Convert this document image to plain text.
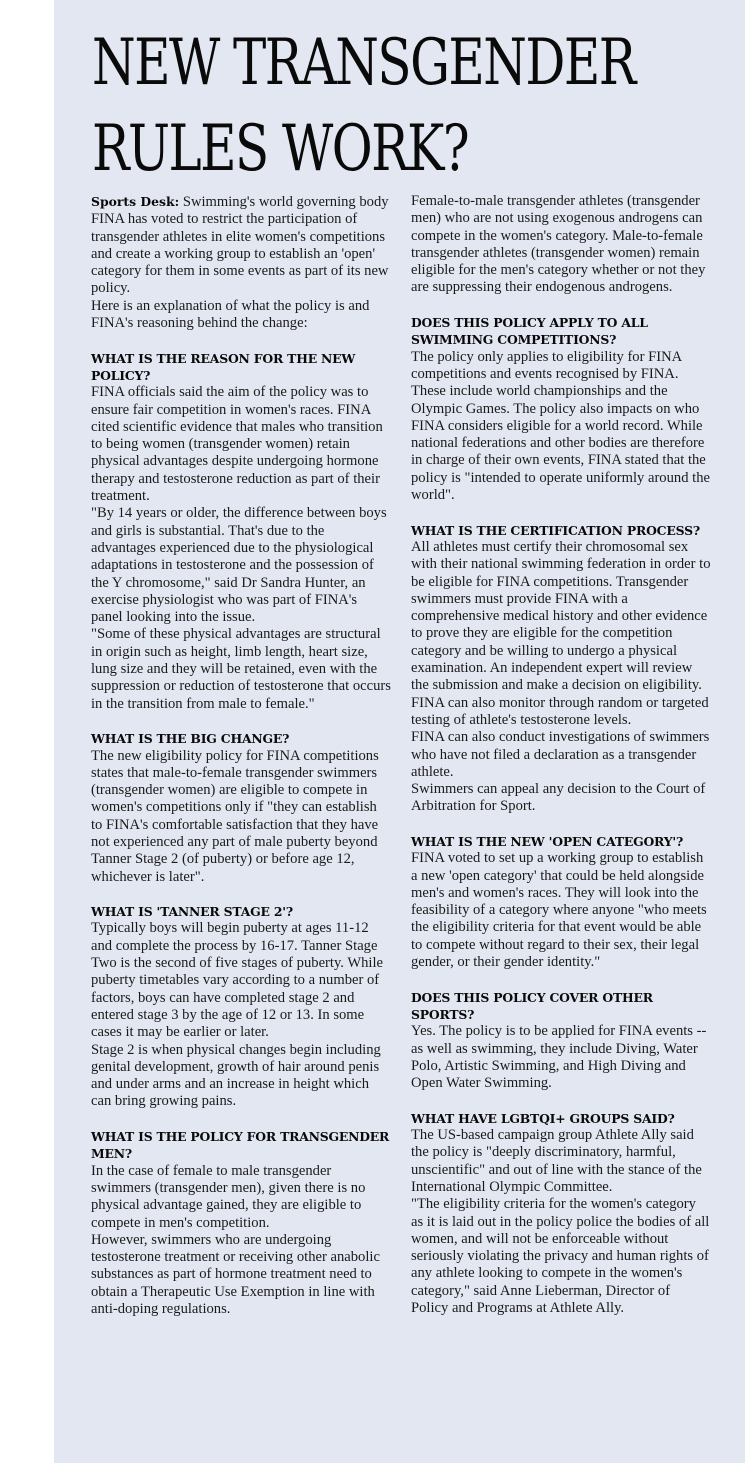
NEW TRANSGENDER
RULES WORK?

Sports Desk: Swimming's world governing body FINA has voted to restrict the participation of transgender athletes in elite women's competitions and create a working group to establish an 'open' category for them in some events as part of its new policy.

Here is an explanation of what the policy is and FINA's reasoning behind the change:

WHAT IS THE REASON FOR THE NEW POLICY?

FINA officials said the aim of the policy was to ensure fair competition in women's races. FINA cited scientific evidence that males who transition to being women (transgender women) retain physical advantages despite undergoing hormone therapy and testosterone reduction as part of their treatment.

"By 14 years or older, the difference between boys and girls is substantial. That's due to the advantages experienced due to the physiological adaptations in testosterone and the possession of the Y chromosome," said Dr Sandra Hunter, an exercise physiologist who was part of FINA's panel looking into the issue.

"Some of these physical advantages are structural in origin such as height, limb length, heart size, lung size and they will be retained, even with the suppression or reduction of testosterone that occurs in the transition from male to female."

WHAT IS THE BIG CHANGE?

The new eligibility policy for FINA competitions states that male-to-female transgender swimmers (transgender women) are eligible to compete in women's competitions only if "they can establish to FINA's comfortable satisfaction that they have not experienced any part of male puberty beyond Tanner Stage 2 (of puberty) or before age 12, whichever is later".

WHAT IS 'TANNER STAGE 2'?

Typically boys will begin puberty at ages 11-12 and complete the process by 16-17. Tanner Stage Two is the second of five stages of puberty. While puberty timetables vary according to a number of factors, boys can have completed stage 2 and entered stage 3 by the age of 12 or 13. In some cases it may be earlier or later.

Stage 2 is when physical changes begin including genital development, growth of hair around penis and under arms and an increase in height which can bring growing pains.

WHAT IS THE POLICY FOR TRANSGENDER MEN?

In the case of female to male transgender swimmers (transgender men), given there is no physical advantage gained, they are eligible to compete in men's competition.

However, swimmers who are undergoing testosterone treatment or receiving other anabolic substances as part of hormone treatment need to obtain a Therapeutic Use Exemption in line with anti-doping regulations.

Female-to-male transgender athletes (transgender men) who are not using exogenous androgens can compete in the women's category. Male-to-female transgender athletes (transgender women) remain eligible for the men's category whether or not they are suppressing their endogenous androgens.

DOES THIS POLICY APPLY TO ALL SWIMMING COMPETITIONS?

The policy only applies to eligibility for FINA competitions and events recognised by FINA. These include world championships and the Olympic Games. The policy also impacts on who FINA considers eligible for a world record. While national federations and other bodies are therefore in charge of their own events, FINA stated that the policy is "intended to operate uniformly around the world".

WHAT IS THE CERTIFICATION PROCESS?

All athletes must certify their chromosomal sex with their national swimming federation in order to be eligible for FINA competitions. Transgender swimmers must provide FINA with a comprehensive medical history and other evidence to prove they are eligible for the competition category and be willing to undergo a physical examination. An independent expert will review the submission and make a decision on eligibility. FINA can also monitor through random or targeted testing of athlete's testosterone levels.

FINA can also conduct investigations of swimmers who have not filed a declaration as a transgender athlete.

Swimmers can appeal any decision to the Court of Arbitration for Sport.

WHAT IS THE NEW 'OPEN CATEGORY'?

FINA voted to set up a working group to establish a new 'open category' that could be held alongside men's and women's races. They will look into the feasibility of a category where anyone "who meets the eligibility criteria for that event would be able to compete without regard to their sex, their legal gender, or their gender identity."

DOES THIS POLICY COVER OTHER SPORTS?

Yes. The policy is to be applied for FINA events -- as well as swimming, they include Diving, Water Polo, Artistic Swimming, and High Diving and Open Water Swimming.

WHAT HAVE LGBTQI+ GROUPS SAID?

The US-based campaign group Athlete Ally said the policy is "deeply discriminatory, harmful, unscientific" and out of line with the stance of the International Olympic Committee.

"The eligibility criteria for the women's category as it is laid out in the policy police the bodies of all women, and will not be enforceable without seriously violating the privacy and human rights of any athlete looking to compete in the women's category," said Anne Lieberman, Director of Policy and Programs at Athlete Ally.
